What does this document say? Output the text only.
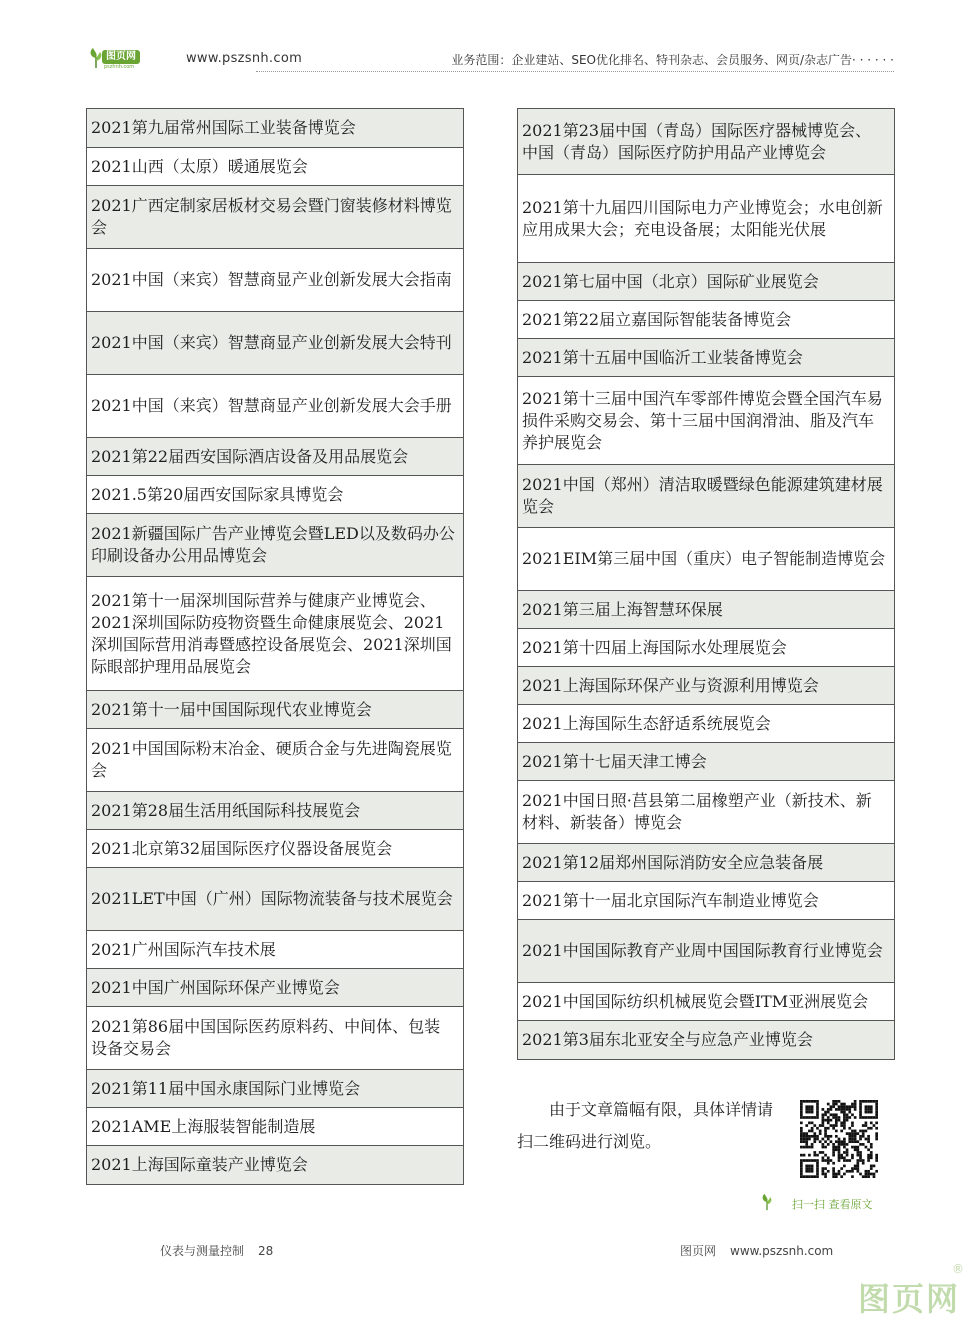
图页网
pszhnh.com
www.pszsnh.com	业务范围：企业建站、SEO优化排名、特刊杂志、会员服务、网页/杂志广告· · · · · ·
2021第九届常州国际工业装备博览会
2021山西（太原）暖通展览会
2021广西定制家居板材交易会暨门窗装修材料博览会
2021中国（来宾）智慧商显产业创新发展大会指南
2021中国（来宾）智慧商显产业创新发展大会特刊
2021中国（来宾）智慧商显产业创新发展大会手册
2021第22届西安国际酒店设备及用品展览会
2021.5第20届西安国际家具博览会
2021新疆国际广告产业博览会暨LED以及数码办公印刷设备办公用品博览会
2021第十一届深圳国际营养与健康产业博览会、2021深圳国际防疫物资暨生命健康展览会、2021深圳国际营用消毒暨感控设备展览会、2021深圳国际眼部护理用品展览会
2021第十一届中国国际现代农业博览会
2021中国国际粉末冶金、硬质合金与先进陶瓷展览会
2021第28届生活用纸国际科技展览会
2021北京第32届国际医疗仪器设备展览会
2021LET中国（广州）国际物流装备与技术展览会
2021广州国际汽车技术展
2021中国广州国际环保产业博览会
2021第86届中国国际医药原料药、中间体、包装设备交易会
2021第11届中国永康国际门业博览会
2021AME上海服装智能制造展
2021上海国际童装产业博览会
2021第23届中国（青岛）国际医疗器械博览会、中国（青岛）国际医疗防护用品产业博览会
2021第十九届四川国际电力产业博览会；水电创新应用成果大会；充电设备展；太阳能光伏展
2021第七届中国（北京）国际矿业展览会
2021第22届立嘉国际智能装备博览会
2021第十五届中国临沂工业装备博览会
2021第十三届中国汽车零部件博览会暨全国汽车易损件采购交易会、第十三届中国润滑油、脂及汽车养护展览会
2021中国（郑州）清洁取暖暨绿色能源建筑建材展览会
2021EIM第三届中国（重庆）电子智能制造博览会
2021第三届上海智慧环保展
2021第十四届上海国际水处理展览会
2021上海国际环保产业与资源利用博览会
2021上海国际生态舒适系统展览会
2021第十七届天津工博会
2021中国日照·莒县第二届橡塑产业（新技术、新材料、新装备）博览会
2021第12届郑州国际消防安全应急装备展
2021第十一届北京国际汽车制造业博览会
2021中国国际教育产业周中国国际教育行业博览会
2021中国国际纺织机械展览会暨ITM亚洲展览会
2021第3届东北亚安全与应急产业博览会

由于文章篇幅有限，具体详情请

扫二维码进行浏览。
扫一扫 查看原文
仪表与测量控制 28	图页网 www.pszsnh.com
图页网
®
